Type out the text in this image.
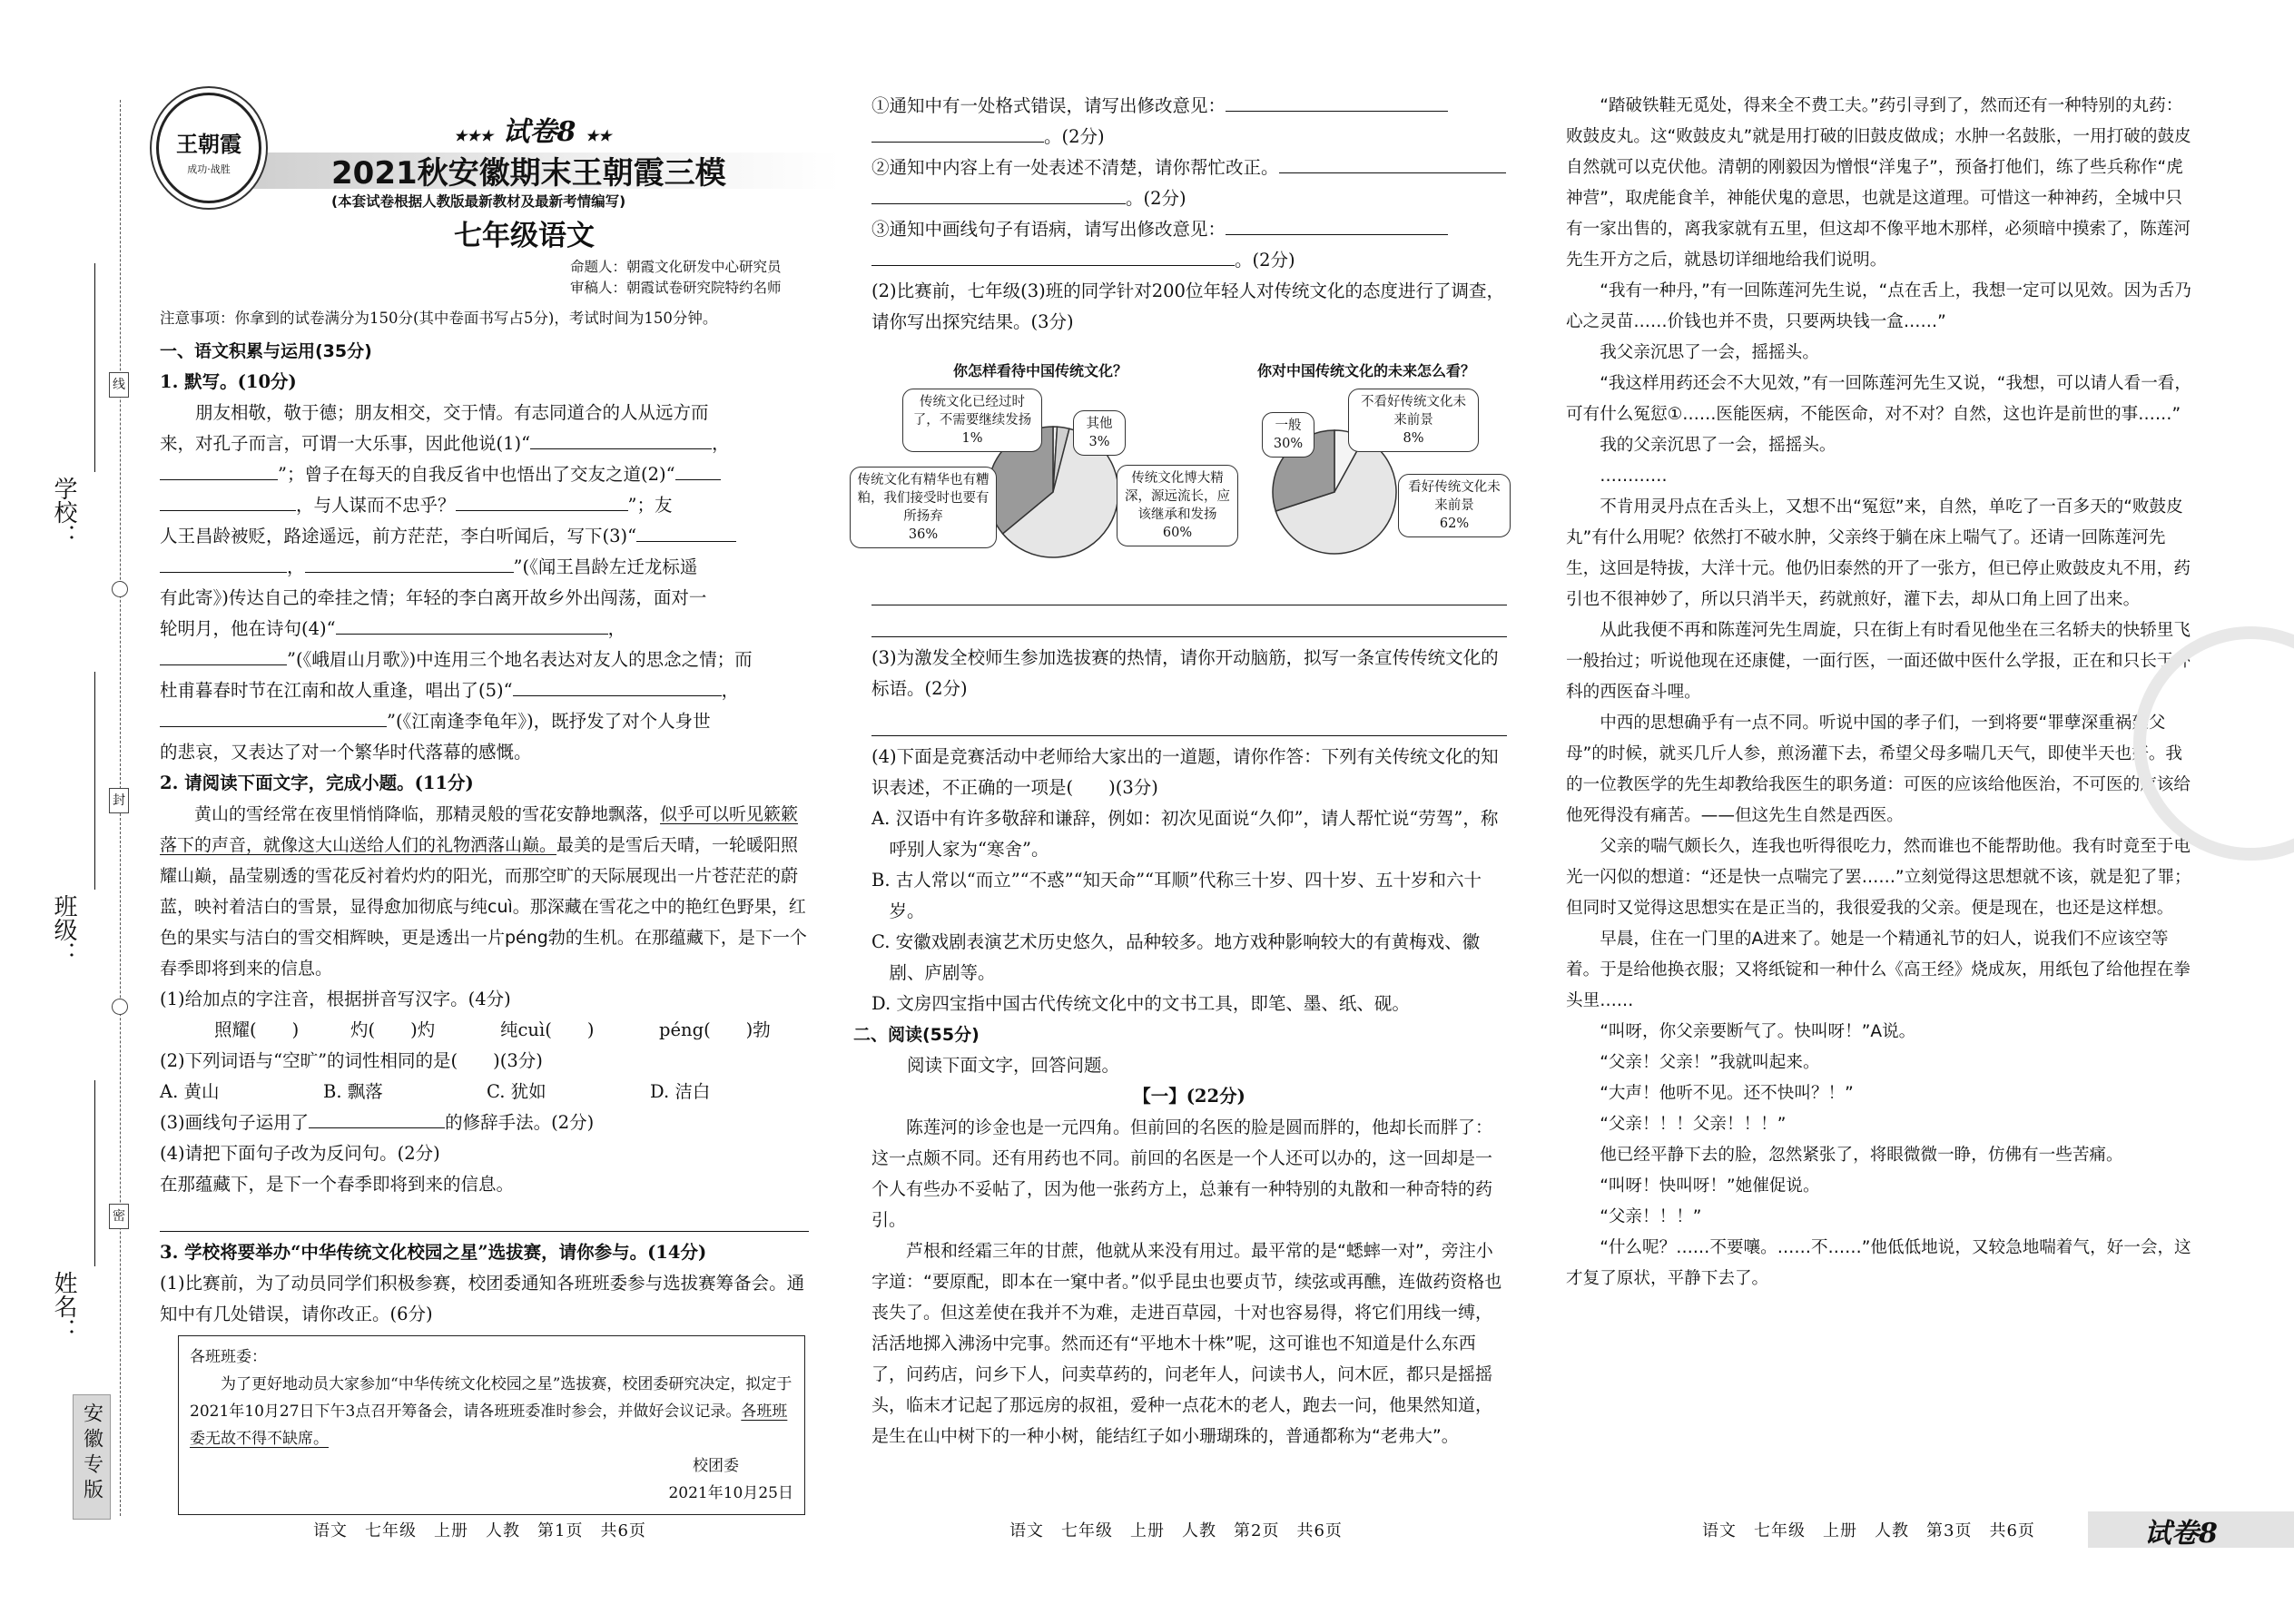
线
封
密
学校：
班级：
姓名：
安徽专版
王朝霞
成功·战胜
★★★ 试卷8 ★★
2021秋安徽期末王朝霞三模
(本套试卷根据人教版最新教材及最新考情编写)
七年级语文
命题人：朝霞文化研发中心研究员
审稿人：朝霞试卷研究院特约名师
注意事项：你拿到的试卷满分为150分(其中卷面书写占5分)，考试时间为150分钟。

一、语文积累与运用(35分)

1. 默写。(10分)

朋友相敬，敬于德；朋友相交，交于情。有志同道合的人从远方而

来，对孔子而言，可谓一大乐事，因此他说(1)“	，

”；曾子在每天的自我反省中也悟出了交友之道(2)“

，与人谋而不忠乎？	”；友

人王昌龄被贬，路途遥远，前方茫茫，李白听闻后，写下(3)“

，	”(《闻王昌龄左迁龙标遥

有此寄》)传达自己的牵挂之情；年轻的李白离开故乡外出闯荡，面对一

轮明月，他在诗句(4)“	，

”(《峨眉山月歌》)中连用三个地名表达对友人的思念之情；而

杜甫暮春时节在江南和故人重逢，唱出了(5)“	，

”(《江南逢李龟年》)，既抒发了对个人身世

的悲哀，又表达了对一个繁华时代落幕的感慨。

2. 请阅读下面文字，完成小题。(11分)

黄山的雪经常在夜里悄悄降临，那精灵般的雪花安静地飘落，似乎可以听见簌簌落下的声音，就像这大山送给人们的礼物洒落山巅。最美的是雪后天晴，一轮暖阳照耀山巅，晶莹剔透的雪花反衬着灼灼的阳光，而那空旷的天际展现出一片苍茫茫的蔚蓝，映衬着洁白的雪景，显得愈加彻底与纯cuì。那深藏在雪花之中的艳红色野果，红色的果实与洁白的雪交相辉映，更是透出一片péng勃的生机。在那蕴藏下，是下一个春季即将到来的信息。

(1)给加点的字注音，根据拼音写汉字。(4分)

照耀(　　)	灼(　　)灼	纯cuì(　　)	péng(　　)勃

(2)下列词语与“空旷”的词性相同的是(　　)(3分)

A. 黄山	B. 飘落	C. 犹如	D. 洁白

(3)画线句子运用了	的修辞手法。(2分)

(4)请把下面句子改为反问句。(2分)

在那蕴藏下，是下一个春季即将到来的信息。

3. 学校将要举办“中华传统文化校园之星”选拔赛，请你参与。(14分)

(1)比赛前，为了动员同学们积极参赛，校团委通知各班班委参与选拔赛筹备会。通知中有几处错误，请你改正。(6分)

各班班委：
为了更好地动员大家参加“中华传统文化校园之星”选拔赛，校团委研究决定，拟定于2021年10月27日下午3点召开筹备会，请各班班委准时参会，并做好会议记录。各班班委无故不得不缺席。
校团委
2021年10月25日

①通知中有一处格式错误，请写出修改意见：

。(2分)

②通知中内容上有一处表述不清楚，请你帮忙改正。

。(2分)

③通知中画线句子有语病，请写出修改意见：

。(2分)

(2)比赛前，七年级(3)班的同学针对200位年轻人对传统文化的态度进行了调查，请你写出探究结果。(3分)

你怎样看待中国传统文化？	你对中国传统文化的未来怎么看？
传统文化已经过时了，不需要继续发扬
1%
其他
3%
传统文化博大精深，源远流长，应该继承和发扬
60%
传统文化有精华也有糟粕，我们接受时也要有所扬弃
36%
不看好传统文化未来前景
8%
看好传统文化未来前景
62%
一般
30%

(3)为激发全校师生参加选拔赛的热情，请你开动脑筋，拟写一条宣传传统文化的标语。(2分)

(4)下面是竞赛活动中老师给大家出的一道题，请你作答：下列有关传统文化的知识表述，不正确的一项是(　　)(3分)

A. 汉语中有许多敬辞和谦辞，例如：初次见面说“久仰”，请人帮忙说“劳驾”，称呼别人家为“寒舍”。

B. 古人常以“而立”“不惑”“知天命”“耳顺”代称三十岁、四十岁、五十岁和六十岁。

C. 安徽戏剧表演艺术历史悠久，品种较多。地方戏种影响较大的有黄梅戏、徽剧、庐剧等。

D. 文房四宝指中国古代传统文化中的文书工具，即笔、墨、纸、砚。

二、阅读(55分)

阅读下面文字，回答问题。

【一】(22分)

陈莲河的诊金也是一元四角。但前回的名医的脸是圆而胖的，他却长而胖了：这一点颇不同。还有用药也不同。前回的名医是一个人还可以办的，这一回却是一个人有些办不妥帖了，因为他一张药方上，总兼有一种特别的丸散和一种奇特的药引。

芦根和经霜三年的甘蔗，他就从来没有用过。最平常的是“蟋蟀一对”，旁注小字道：“要原配，即本在一窠中者。”似乎昆虫也要贞节，续弦或再醮，连做药资格也丧失了。但这差使在我并不为难，走进百草园，十对也容易得，将它们用线一缚，活活地掷入沸汤中完事。然而还有“平地木十株”呢，这可谁也不知道是什么东西了，问药店，问乡下人，问卖草药的，问老年人，问读书人，问木匠，都只是摇摇头，临末才记起了那远房的叔祖，爱种一点花木的老人，跑去一问，他果然知道，是生在山中树下的一种小树，能结红子如小珊瑚珠的，普通都称为“老弗大”。

“踏破铁鞋无觅处，得来全不费工夫。”药引寻到了，然而还有一种特别的丸药：败鼓皮丸。这“败鼓皮丸”就是用打破的旧鼓皮做成；水肿一名鼓胀，一用打破的鼓皮自然就可以克伏他。清朝的刚毅因为憎恨“洋鬼子”，预备打他们，练了些兵称作“虎神营”，取虎能食羊，神能伏鬼的意思，也就是这道理。可惜这一种神药，全城中只有一家出售的，离我家就有五里，但这却不像平地木那样，必须暗中摸索了，陈莲河先生开方之后，就恳切详细地给我们说明。

“我有一种丹，”有一回陈莲河先生说，“点在舌上，我想一定可以见效。因为舌乃心之灵苗……价钱也并不贵，只要两块钱一盒……”

我父亲沉思了一会，摇摇头。

“我这样用药还会不大见效，”有一回陈莲河先生又说，“我想，可以请人看一看，可有什么冤愆①……医能医病，不能医命，对不对？自然，这也许是前世的事……”

我的父亲沉思了一会，摇摇头。

…………

不肯用灵丹点在舌头上，又想不出“冤愆”来，自然，单吃了一百多天的“败鼓皮丸”有什么用呢？依然打不破水肿，父亲终于躺在床上喘气了。还请一回陈莲河先生，这回是特拔，大洋十元。他仍旧泰然的开了一张方，但已停止败鼓皮丸不用，药引也不很神妙了，所以只消半天，药就煎好，灌下去，却从口角上回了出来。

从此我便不再和陈莲河先生周旋，只在街上有时看见他坐在三名轿夫的快轿里飞一般抬过；听说他现在还康健，一面行医，一面还做中医什么学报，正在和只长于外科的西医奋斗哩。

中西的思想确乎有一点不同。听说中国的孝子们，一到将要“罪孽深重祸延父母”的时候，就买几斤人参，煎汤灌下去，希望父母多喘几天气，即使半天也好。我的一位教医学的先生却教给我医生的职务道：可医的应该给他医治，不可医的应该给他死得没有痛苦。——但这先生自然是西医。

父亲的喘气颇长久，连我也听得很吃力，然而谁也不能帮助他。我有时竟至于电光一闪似的想道：“还是快一点喘完了罢……”立刻觉得这思想就不该，就是犯了罪；但同时又觉得这思想实在是正当的，我很爱我的父亲。便是现在，也还是这样想。

早晨，住在一门里的A进来了。她是一个精通礼节的妇人，说我们不应该空等着。于是给他换衣服；又将纸锭和一种什么《高王经》烧成灰，用纸包了给他捏在拳头里……

“叫呀，你父亲要断气了。快叫呀！”A说。

“父亲！父亲！”我就叫起来。

“大声！他听不见。还不快叫？！”

“父亲！！！父亲！！！”

他已经平静下去的脸，忽然紧张了，将眼微微一睁，仿佛有一些苦痛。

“叫呀！快叫呀！”她催促说。

“父亲！！！”

“什么呢？……不要嚷。……不……”他低低地说，又较急地喘着气，好一会，这才复了原状，平静下去了。

语文　七年级　上册　人教　第1页　共6页	语文　七年级　上册　人教　第2页　共6页	语文　七年级　上册　人教　第3页　共6页	试卷8
